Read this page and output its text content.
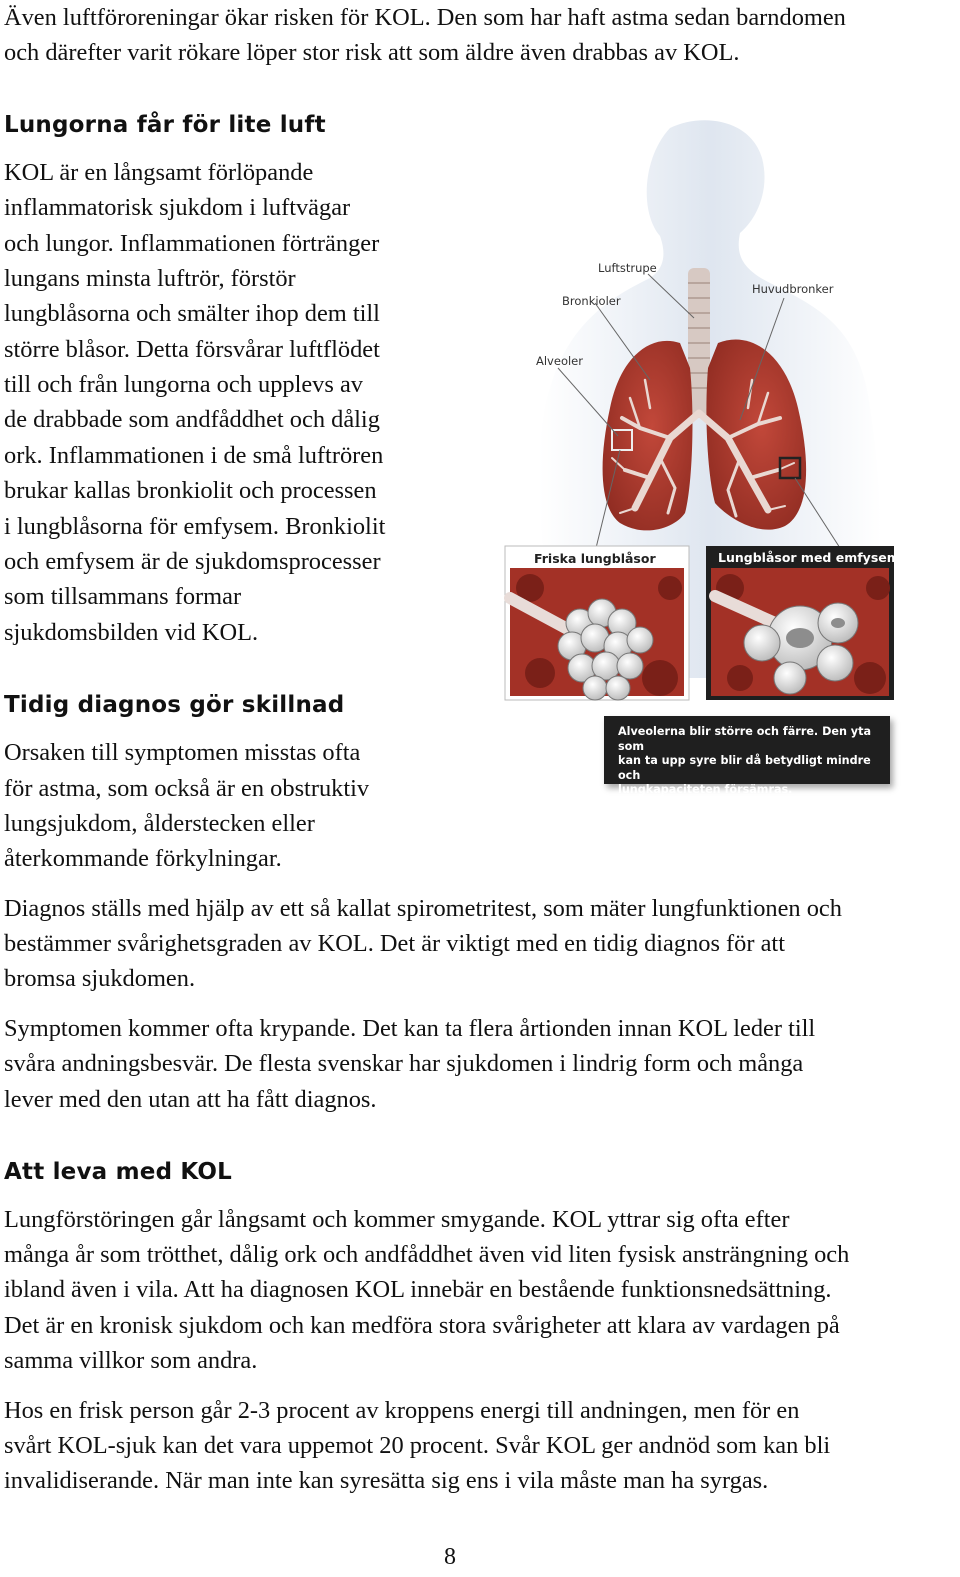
Även luftföroreningar ökar risken för KOL. Den som har haft astma sedan barndomen

och därefter varit rökare löper stor risk att som äldre även drabbas av KOL.

Lungorna får för lite luft

KOL är en långsamt förlöpande

inflammatorisk sjukdom i luftvägar

och lungor. Inflammationen förtränger

lungans minsta luftrör, förstör

lungblåsorna och smälter ihop dem till

större blåsor. Detta försvårar luftflödet

till och från lungorna och upplevs av

de drabbade som andfåddhet och dålig

ork. Inflammationen i de små luftrören

brukar kallas bronkiolit och processen

i lungblåsorna för emfysem. Bronkiolit

och emfysem är de sjukdomsprocesser

som tillsammans formar

sjukdomsbilden vid KOL.

Tidig diagnos gör skillnad

Orsaken till symptomen misstas ofta

för astma, som också är en obstruktiv

lungsjukdom, ålderstecken eller

återkommande förkylningar.

Diagnos ställs med hjälp av ett så kallat spirometritest, som mäter lungfunktionen och

bestämmer svårighetsgraden av KOL. Det är viktigt med en tidig diagnos för att

bromsa sjukdomen.

Symptomen kommer ofta krypande. Det kan ta flera årtionden innan KOL leder till

svåra andningsbesvär. De flesta svenskar har sjukdomen i lindrig form och många

lever med den utan att ha fått diagnos.

Att leva med KOL

Lungförstöringen går långsamt och kommer smygande. KOL yttrar sig ofta efter

många år som trötthet, dålig ork och andfåddhet även vid liten fysisk ansträngning och

ibland även i vila. Att ha diagnosen KOL innebär en bestående funktionsnedsättning.

Det är en kronisk sjukdom och kan medföra stora svårigheter att klara av vardagen på

samma villkor som andra.

Hos en frisk person går 2-3 procent av kroppens energi till andningen, men för en

svårt KOL-sjuk kan det vara uppemot 20 procent. Svår KOL ger andnöd som kan bli

invalidiserande. När man inte kan syresätta sig ens i vila måste man ha syrgas.

8
Luftstrupe
Bronkioler
Huvudbronker
Alveoler
Friska lungblåsor	Lungblåsor med emfysem
Alveolerna blir större och färre. Den yta som
kan ta upp syre blir då betydligt mindre och
lungkapaciteten försämras.
